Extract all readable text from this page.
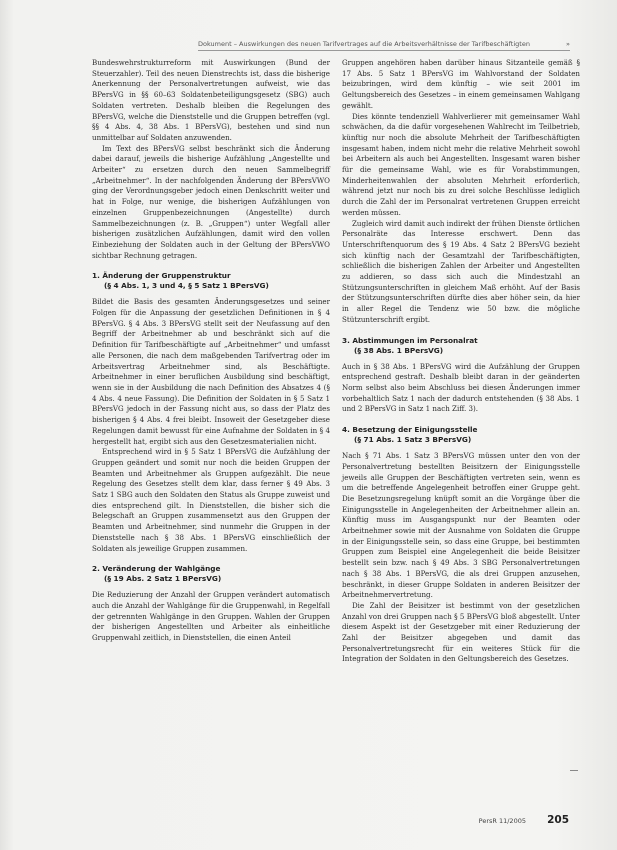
Dokument – Auswirkungen des neuen Tarifvertrages auf die Arbeitsverhältnisse der Tarifbeschäftigten	»

Bundeswehrstrukturreform mit Auswirkungen (Bund der Steuerzahler). Teil des neuen Dienstrechts ist, dass die bisherige Anerkennung der Personalvertretungen aufweist, wie das BPersVG in §§ 60–63 Soldatenbeteiligungsgesetz (SBG) auch Soldaten vertreten. Deshalb bleiben die Regelungen des BPersVG, welche die Dienststelle und die Gruppen betreffen (vgl. §§ 4 Abs. 4, 38 Abs. 1 BPersVG), bestehen und sind nun unmittelbar auf Soldaten anzuwenden.

Im Text des BPersVG selbst beschränkt sich die Änderung dabei darauf, jeweils die bisherige Aufzählung „Angestellte und Arbeiter“ zu ersetzen durch den neuen Sammelbegriff „Arbeitnehmer“. In der nachfolgenden Änderung der BPersVWO ging der Verordnungsgeber jedoch einen Denkschritt weiter und hat in Folge, nur wenige, die bisherigen Aufzählungen von einzelnen Gruppenbezeichnungen (Angestellte) durch Sammelbezeichnungen (z. B. „Gruppen“) unter Wegfall aller bisherigen zusätzlichen Aufzählungen, damit wird den vollen Einbeziehung der Soldaten auch in der Geltung der BPersVWO sichtbar Rechnung getragen.

1. Änderung der Gruppenstruktur
(§ 4 Abs. 1, 3 und 4, § 5 Satz 1 BPersVG)

Bildet die Basis des gesamten Änderungsgesetzes und seiner Folgen für die Anpassung der gesetzlichen Definitionen in § 4 BPersVG. § 4 Abs. 3 BPersVG stellt seit der Neufassung auf den Begriff der Arbeitnehmer ab und beschränkt sich auf die Definition für Tarifbeschäftigte auf „Arbeitnehmer“ und umfasst alle Personen, die nach dem maßgebenden Tarifvertrag oder im Arbeitsvertrag Arbeitnehmer sind, als Beschäftigte. Arbeitnehmer in einer beruflichen Ausbildung sind beschäftigt, wenn sie in der Ausbildung die nach Definition des Absatzes 4 (§ 4 Abs. 4 neue Fassung). Die Definition der Soldaten in § 5 Satz 1 BPersVG jedoch in der Fassung nicht aus, so dass der Platz des bisherigen § 4 Abs. 4 frei bleibt. Insoweit der Gesetzgeber diese Regelungen damit bewusst für eine Aufnahme der Soldaten in § 4 hergestellt hat, ergibt sich aus den Gesetzesmaterialien nicht.

Entsprechend wird in § 5 Satz 1 BPersVG die Aufzählung der Gruppen geändert und somit nur noch die beiden Gruppen der Beamten und Arbeitnehmer als Gruppen aufgezählt. Die neue Regelung des Gesetzes stellt dem klar, dass ferner § 49 Abs. 3 Satz 1 SBG auch den Soldaten den Status als Gruppe zuweist und dies entsprechend gilt. In Dienststellen, die bisher sich die Belegschaft an Gruppen zusammensetzt aus den Gruppen der Beamten und Arbeitnehmer, sind nunmehr die Gruppen in der Dienststelle nach § 38 Abs. 1 BPersVG einschließlich der Soldaten als jeweilige Gruppen zusammen.

2. Veränderung der Wahlgänge
(§ 19 Abs. 2 Satz 1 BPersVG)

Die Reduzierung der Anzahl der Gruppen verändert automatisch auch die Anzahl der Wahlgänge für die Gruppenwahl, in Regelfall der getrennten Wahlgänge in den Gruppen. Wahlen der Gruppen der bisherigen Angestellten und Arbeiter als einheitliche Gruppenwahl zeitlich, in Dienststellen, die einen Anteil

Gruppen angehören haben darüber hinaus Sitzanteile gemäß § 17 Abs. 5 Satz 1 BPersVG im Wahlvorstand der Soldaten beizubringen, wird dem künftig – wie seit 2001 im Geltungsbereich des Gesetzes – in einem gemeinsamen Wahlgang gewählt.

Dies könnte tendenziell Wahlverlierer mit gemeinsamer Wahl schwächen, da die dafür vorgesehenen Wahlrecht im Teilbetrieb, künftig nur noch die absolute Mehrheit der Tarifbeschäftigten insgesamt haben, indem nicht mehr die relative Mehrheit sowohl bei Arbeitern als auch bei Angestellten. Insgesamt waren bisher für die gemeinsame Wahl, wie es für Vorabstimmungen, Minderheitenwahlen der absoluten Mehrheit erforderlich, während jetzt nur noch bis zu drei solche Beschlüsse lediglich durch die Zahl der im Personalrat vertretenen Gruppen erreicht werden müssen.

Zugleich wird damit auch indirekt der frühen Dienste örtlichen Personalräte das Interesse erschwert. Denn das Unterschriftenquorum des § 19 Abs. 4 Satz 2 BPersVG bezieht sich künftig nach der Gesamtzahl der Tarifbeschäftigten, schließlich die bisherigen Zahlen der Arbeiter und Angestellten zu addieren, so dass sich auch die Mindestzahl an Stützungsunterschriften in gleichem Maß erhöht. Auf der Basis der Stützungsunterschriften dürfte dies aber höher sein, da hier in aller Regel die Tendenz wie 50 bzw. die mögliche Stützunterschrift ergibt.

3. Abstimmungen im Personalrat
(§ 38 Abs. 1 BPersVG)

Auch in § 38 Abs. 1 BPersVG wird die Aufzählung der Gruppen entsprechend gestraft. Deshalb bleibt daran in der geänderten Norm selbst also beim Abschluss bei diesen Änderungen immer vorbehaltlich Satz 1 nach der dadurch entstehenden (§ 38 Abs. 1 und 2 BPersVG in Satz 1 nach Ziff. 3).

4. Besetzung der Einigungsstelle
(§ 71 Abs. 1 Satz 3 BPersVG)

Nach § 71 Abs. 1 Satz 3 BPersVG müssen unter den von der Personalvertretung bestellten Beisitzern der Einigungsstelle jeweils alle Gruppen der Beschäftigten vertreten sein, wenn es um die betreffende Angelegenheit betroffen einer Gruppe geht. Die Besetzungsregelung knüpft somit an die Vorgänge über die Einigungsstelle in Angelegenheiten der Arbeitnehmer allein an. Künftig muss im Ausgangspunkt nur der Beamten oder Arbeitnehmer sowie mit der Ausnahme von Soldaten die Gruppe in der Einigungsstelle sein, so dass eine Gruppe, bei bestimmten Gruppen zum Beispiel eine Angelegenheit die beide Beisitzer bestellt sein bzw. nach § 49 Abs. 3 SBG Personalvertretungen nach § 38 Abs. 1 BPersVG, die als drei Gruppen anzusehen, beschränkt, in dieser Gruppe Soldaten in anderen Beisitzer der Arbeitnehmervertretung.

Die Zahl der Beisitzer ist bestimmt von der gesetzlichen Anzahl von drei Gruppen nach § 5 BPersVG bloß abgestellt. Unter diesem Aspekt ist der Gesetzgeber mit einer Reduzierung der Zahl der Beisitzer abgegeben und damit das Personalvertretungsrecht für ein weiteres Stück für die Integration der Soldaten in den Geltungsbereich des Gesetzes.

PersR 11/2005 205
